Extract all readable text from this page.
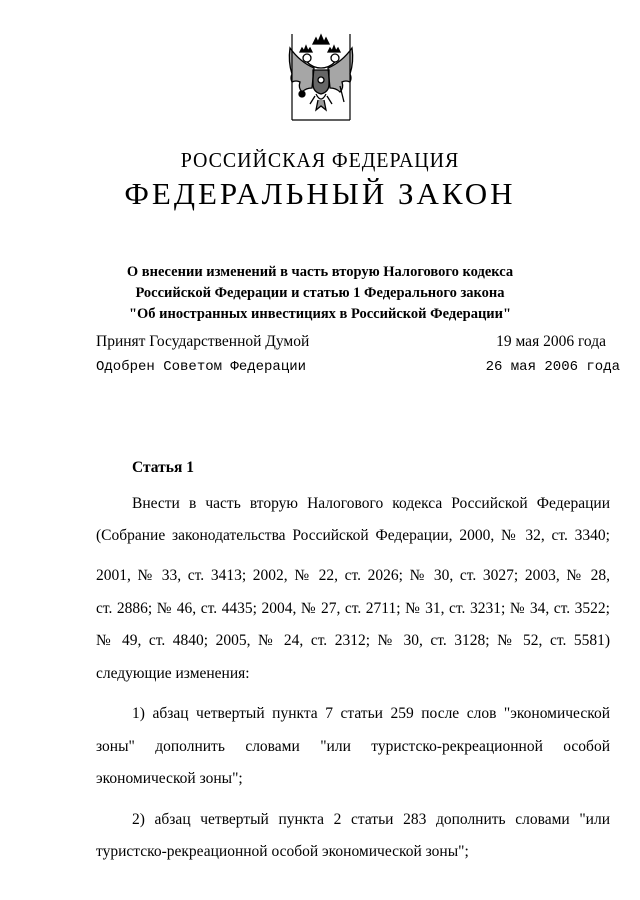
РОССИЙСКАЯ ФЕДЕРАЦИЯ
ФЕДЕРАЛЬНЫЙ ЗАКОН
О внесении изменений в часть вторую Налогового кодекса
Российской Федерации и статью 1 Федерального закона
"Об иностранных инвестициях в Российской Федерации"
Принят Государственной Думой	19 мая 2006 года
Одобрен Советом Федерации	26 мая 2006 года
Статья 1
Внести в часть вторую Налогового кодекса Российской Федерации
(Собрание законодательства Российской Федерации, 2000, № 32, ст. 3340;
2001, № 33, ст. 3413; 2002, № 22, ст. 2026; № 30, ст. 3027; 2003, № 28,
ст. 2886; № 46, ст. 4435; 2004, № 27, ст. 2711; № 31, ст. 3231; № 34, ст. 3522;
№ 49, ст. 4840; 2005, № 24, ст. 2312; № 30, ст. 3128; № 52, ст. 5581)
следующие изменения:
1) абзац четвертый пункта 7 статьи 259 после слов "экономической
зоны" дополнить словами "или туристско-рекреационной особой
экономической зоны";
2) абзац четвертый пункта 2 статьи 283 дополнить словами "или
туристско-рекреационной особой экономической зоны";
